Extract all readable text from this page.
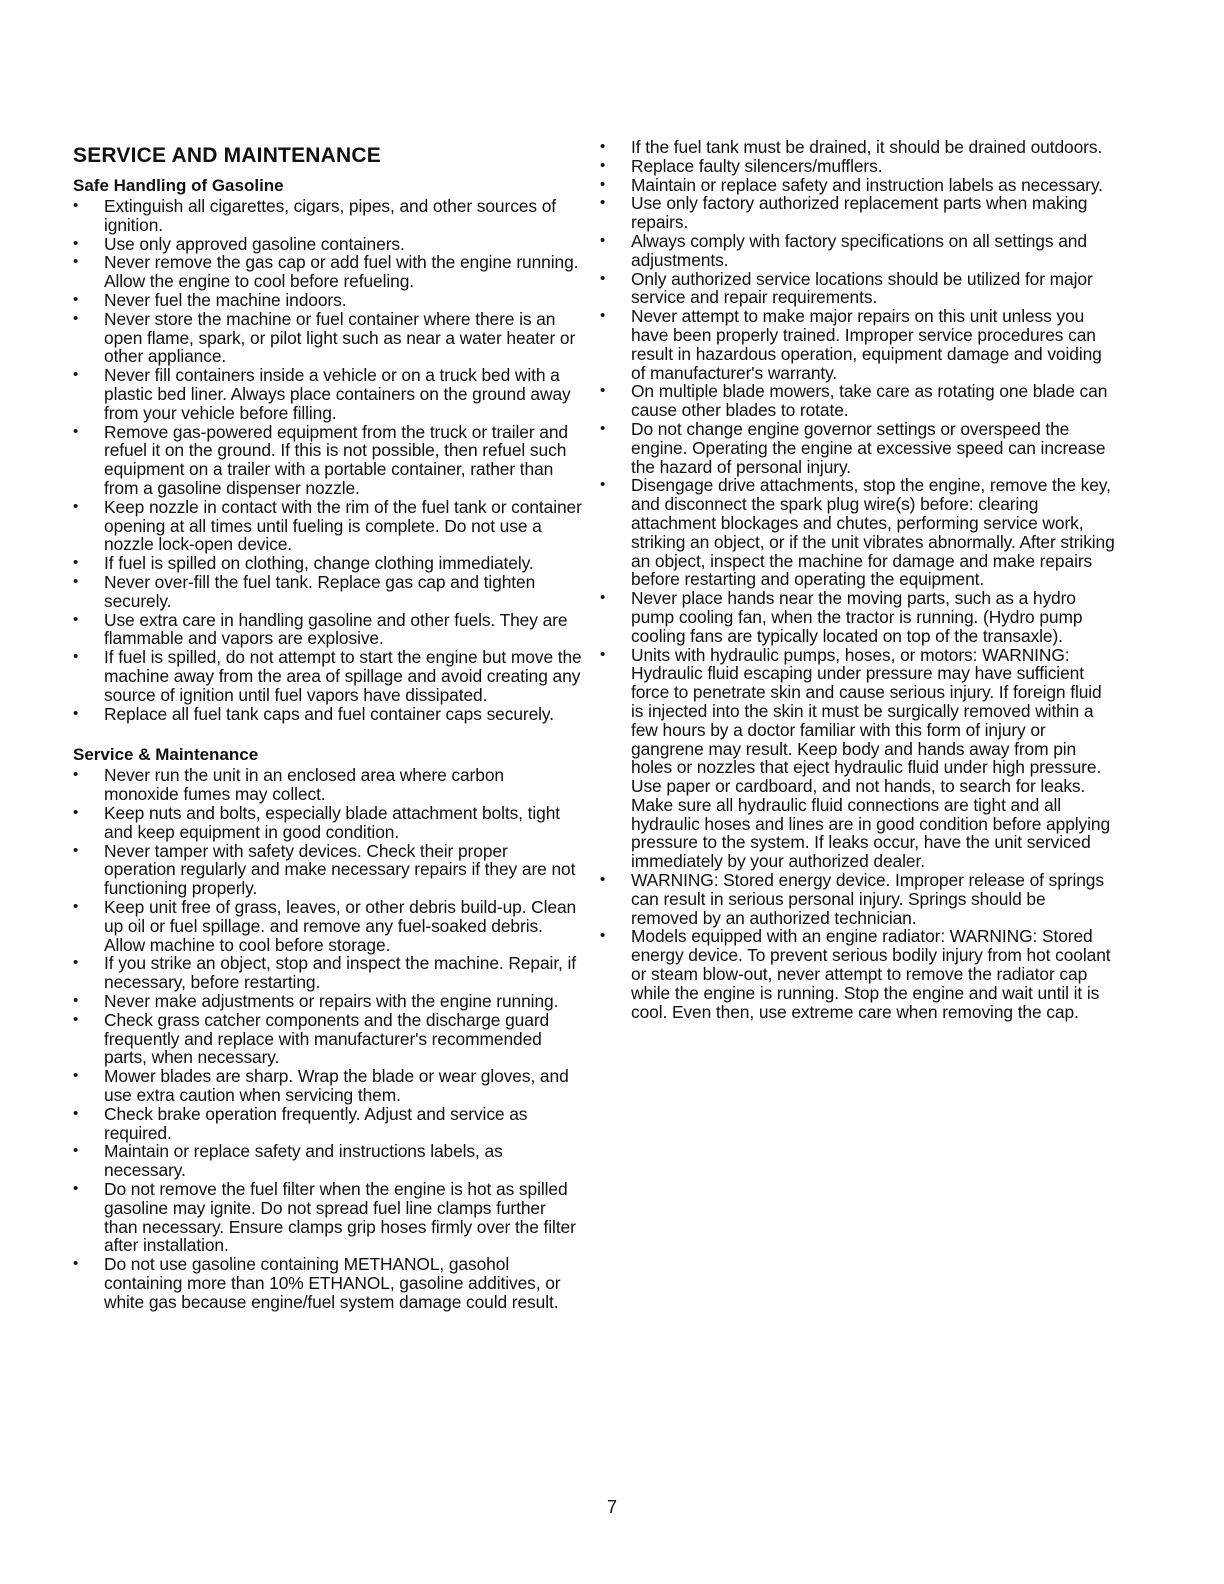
SERVICE AND MAINTENANCE
Safe Handling of Gasoline
• Extinguish all cigarettes, cigars, pipes, and other sources of ignition.
• Use only approved gasoline containers.
• Never remove the gas cap or add fuel with the engine running. Allow the engine to cool before refueling.
• Never fuel the machine indoors.
• Never store the machine or fuel container where there is an open flame, spark, or pilot light such as near a water heater or other appliance.
• Never fill containers inside a vehicle or on a truck bed with a plastic bed liner. Always place containers on the ground away from your vehicle before filling.
• Remove gas-powered equipment from the truck or trailer and refuel it on the ground. If this is not possible, then refuel such equipment on a trailer with a portable container, rather than from a gasoline dispenser nozzle.
• Keep nozzle in contact with the rim of the fuel tank or container opening at all times until fueling is complete. Do not use a nozzle lock-open device.
• If fuel is spilled on clothing, change clothing immediately.
• Never over-fill the fuel tank. Replace gas cap and tighten securely.
• Use extra care in handling gasoline and other fuels. They are flammable and vapors are explosive.
• If fuel is spilled, do not attempt to start the engine but move the machine away from the area of spillage and avoid creating any source of ignition until fuel vapors have dissipated.
• Replace all fuel tank caps and fuel container caps securely.
Service & Maintenance
• Never run the unit in an enclosed area where carbon monoxide fumes may collect.
• Keep nuts and bolts, especially blade attachment bolts, tight and keep equipment in good condition.
• Never tamper with safety devices. Check their proper operation regularly and make necessary repairs if they are not functioning properly.
• Keep unit free of grass, leaves, or other debris build-up. Clean up oil or fuel spillage. and remove any fuel-soaked debris. Allow machine to cool before storage.
• If you strike an object, stop and inspect the machine. Repair, if necessary, before restarting.
• Never make adjustments or repairs with the engine running.
• Check grass catcher components and the discharge guard frequently and replace with manufacturer's recommended parts, when necessary.
• Mower blades are sharp. Wrap the blade or wear gloves, and use extra caution when servicing them.
• Check brake operation frequently. Adjust and service as required.
• Maintain or replace safety and instructions labels, as necessary.
• Do not remove the fuel filter when the engine is hot as spilled gasoline may ignite. Do not spread fuel line clamps further than necessary. Ensure clamps grip hoses firmly over the filter after installation.
• Do not use gasoline containing METHANOL, gasohol containing more than 10% ETHANOL, gasoline additives, or white gas because engine/fuel system damage could result.
• If the fuel tank must be drained, it should be drained outdoors.
• Replace faulty silencers/mufflers.
• Maintain or replace safety and instruction labels as necessary.
• Use only factory authorized replacement parts when making repairs.
• Always comply with factory specifications on all settings and adjustments.
• Only authorized service locations should be utilized for major service and repair requirements.
• Never attempt to make major repairs on this unit unless you have been properly trained. Improper service procedures can result in hazardous operation, equipment damage and voiding of manufacturer's warranty.
• On multiple blade mowers, take care as rotating one blade can cause other blades to rotate.
• Do not change engine governor settings or overspeed the engine. Operating the engine at excessive speed can increase the hazard of personal injury.
• Disengage drive attachments, stop the engine, remove the key, and disconnect the spark plug wire(s) before: clearing attachment blockages and chutes, performing service work, striking an object, or if the unit vibrates abnormally. After striking an object, inspect the machine for damage and make repairs before restarting and operating the equipment.
• Never place hands near the moving parts, such as a hydro pump cooling fan, when the tractor is running. (Hydro pump cooling fans are typically located on top of the transaxle).
• Units with hydraulic pumps, hoses, or motors: WARNING: Hydraulic fluid escaping under pressure may have sufficient force to penetrate skin and cause serious injury. If foreign fluid is injected into the skin it must be surgically removed within a few hours by a doctor familiar with this form of injury or gangrene may result. Keep body and hands away from pin holes or nozzles that eject hydraulic fluid under high pressure. Use paper or cardboard, and not hands, to search for leaks. Make sure all hydraulic fluid connections are tight and all hydraulic hoses and lines are in good condition before applying pressure to the system. If leaks occur, have the unit serviced immediately by your authorized dealer.
• WARNING: Stored energy device. Improper release of springs can result in serious personal injury. Springs should be removed by an authorized technician.
• Models equipped with an engine radiator: WARNING: Stored energy device. To prevent serious bodily injury from hot coolant or steam blow-out, never attempt to remove the radiator cap while the engine is running. Stop the engine and wait until it is cool. Even then, use extreme care when removing the cap.
7
